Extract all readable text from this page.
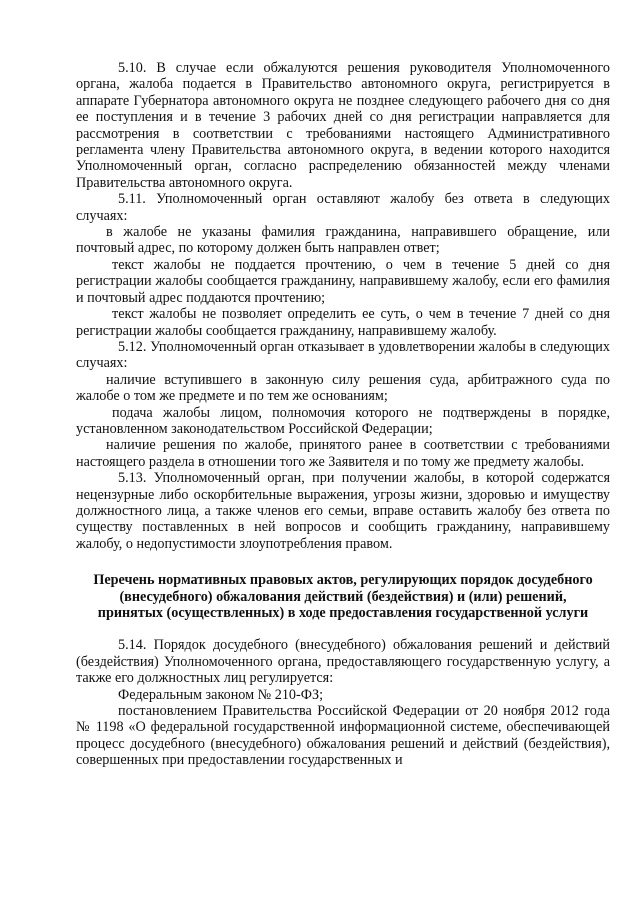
5.10. В случае если обжалуются решения руководителя Уполномоченного органа, жалоба подается в Правительство автономного округа, регистрируется в аппарате Губернатора автономного округа не позднее следующего рабочего дня со дня ее поступления и в течение 3 рабочих дней со дня регистрации направляется для рассмотрения в соответствии с требованиями настоящего Административного регламента члену Правительства автономного округа, в ведении которого находится Уполномоченный орган, согласно распределению обязанностей между членами Правительства автономного округа.

5.11. Уполномоченный орган оставляют жалобу без ответа в следующих случаях:

в жалобе не указаны фамилия гражданина, направившего обращение, или почтовый адрес, по которому должен быть направлен ответ;

текст жалобы не поддается прочтению, о чем в течение 5 дней со дня регистрации жалобы сообщается гражданину, направившему жалобу, если его фамилия и почтовый адрес поддаются прочтению;

текст жалобы не позволяет определить ее суть, о чем в течение 7 дней со дня регистрации жалобы сообщается гражданину, направившему жалобу.

5.12. Уполномоченный орган отказывает в удовлетворении жалобы в следующих случаях:

наличие вступившего в законную силу решения суда, арбитражного суда по жалобе о том же предмете и по тем же основаниям;

подача жалобы лицом, полномочия которого не подтверждены в порядке, установленном законодательством Российской Федерации;

наличие решения по жалобе, принятого ранее в соответствии с требованиями настоящего раздела в отношении того же Заявителя и по тому же предмету жалобы.

5.13. Уполномоченный орган, при получении жалобы, в которой содержатся нецензурные либо оскорбительные выражения, угрозы жизни, здоровью и имуществу должностного лица, а также членов его семьи, вправе оставить жалобу без ответа по существу поставленных в ней вопросов и сообщить гражданину, направившему жалобу, о недопустимости злоупотребления правом.

Перечень нормативных правовых актов, регулирующих порядок досудебного (внесудебного) обжалования действий (бездействия) и (или) решений, принятых (осуществленных) в ходе предоставления государственной услуги

5.14. Порядок досудебного (внесудебного) обжалования решений и действий (бездействия) Уполномоченного органа, предоставляющего государственную услугу, а также его должностных лиц регулируется:

Федеральным законом № 210-ФЗ;

постановлением Правительства Российской Федерации от 20 ноября 2012 года № 1198 «О федеральной государственной информационной системе, обеспечивающей процесс досудебного (внесудебного) обжалования решений и действий (бездействия), совершенных при предоставлении государственных и
